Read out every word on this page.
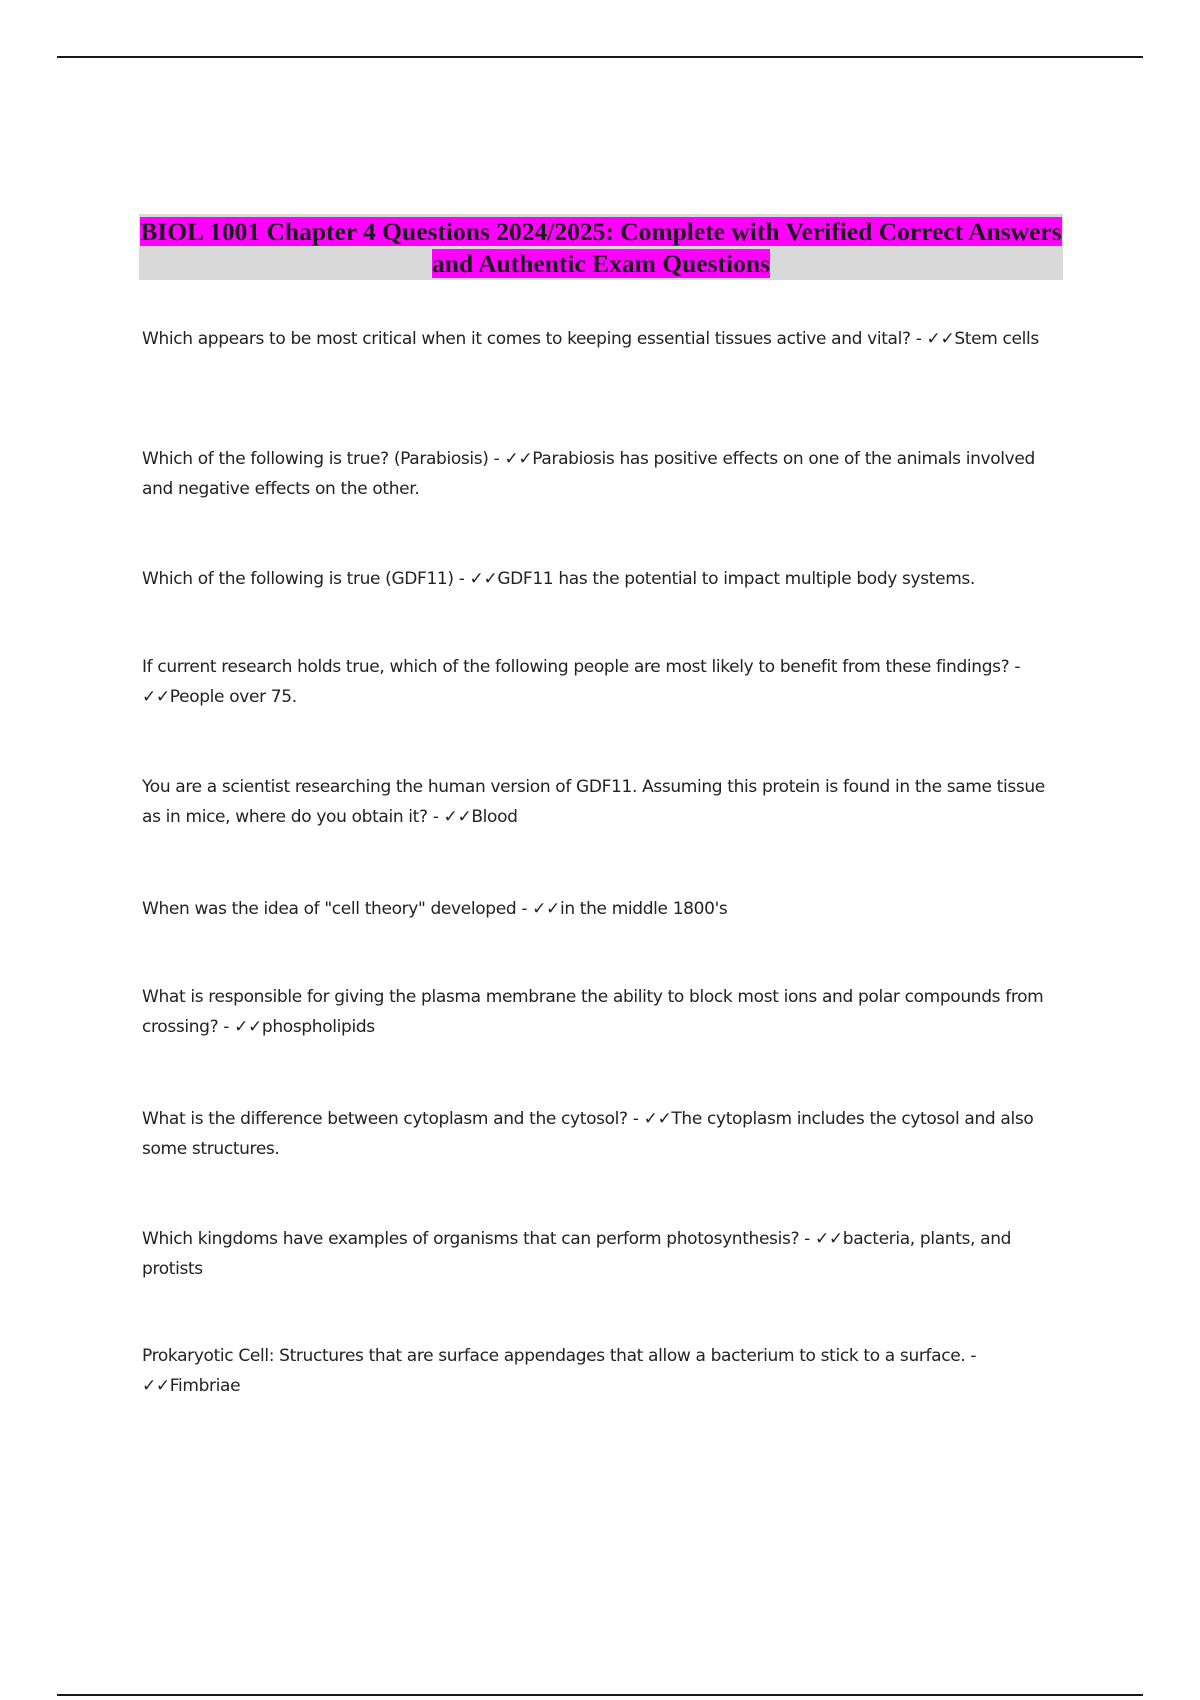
BIOL 1001 Chapter 4 Questions 2024/2025: Complete with Verified Correct Answers and Authentic Exam Questions

Which appears to be most critical when it comes to keeping essential tissues active and vital? - ✓✓Stem cells

Which of the following is true? (Parabiosis) - ✓✓Parabiosis has positive effects on one of the animals involved and negative effects on the other.

Which of the following is true (GDF11) - ✓✓GDF11 has the potential to impact multiple body systems.

If current research holds true, which of the following people are most likely to benefit from these findings? - ✓✓People over 75.

You are a scientist researching the human version of GDF11. Assuming this protein is found in the same tissue as in mice, where do you obtain it? - ✓✓Blood

When was the idea of "cell theory" developed - ✓✓in the middle 1800's

What is responsible for giving the plasma membrane the ability to block most ions and polar compounds from crossing? - ✓✓phospholipids

What is the difference between cytoplasm and the cytosol? - ✓✓The cytoplasm includes the cytosol and also some structures.

Which kingdoms have examples of organisms that can perform photosynthesis? - ✓✓bacteria, plants, and protists

Prokaryotic Cell: Structures that are surface appendages that allow a bacterium to stick to a surface. - ✓✓Fimbriae
